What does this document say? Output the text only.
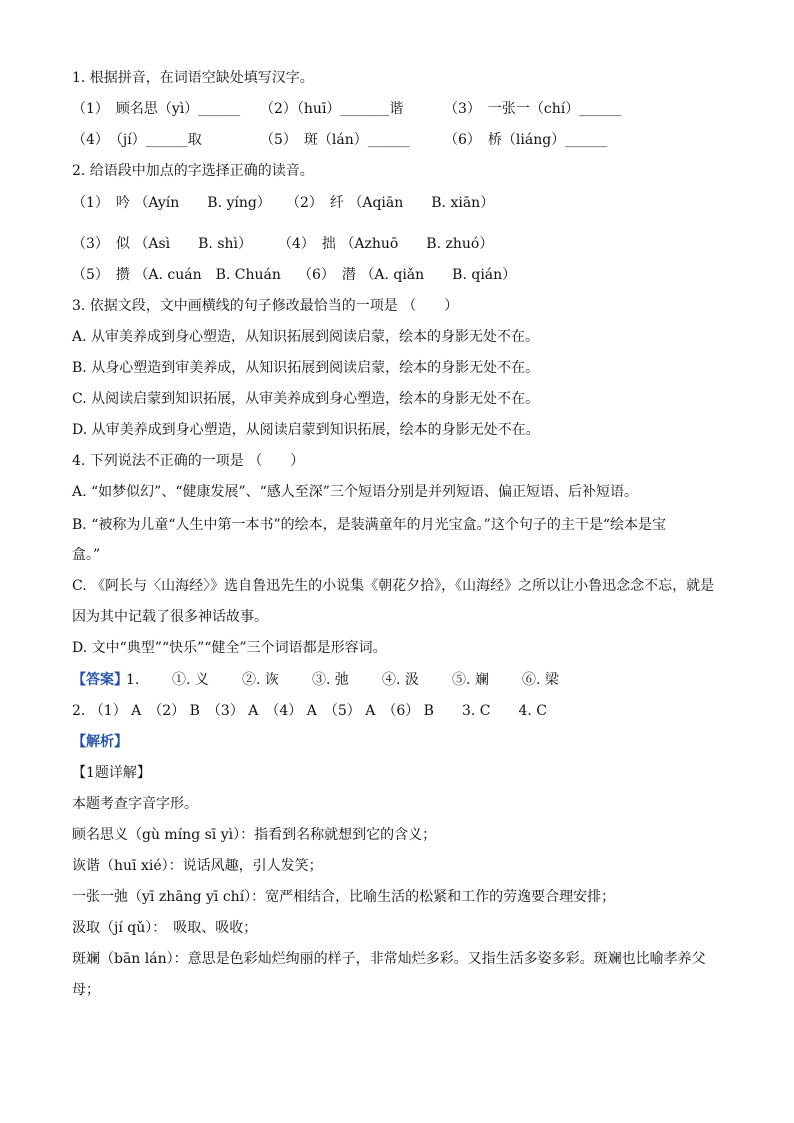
1. 根据拼音，在词语空缺处填写汉字。
（1）　顾名思（yì）______ （2）（huī）_______谐	（3）　一张一（chí）______
（4）　（jí）______取	（5）　斑（lán）______ （6）　桥（liáng）______
2. 给语段中加点的字选择正确的读音。
（1）　吟 （Ayín　　B. yíng） （2）　纤 （Aqiān　　B. xiān）
（3）　似 （Asì　　B. shì） （4）　拙 （Azhuō　　B. zhuó）
（5）　攒 （A. cuán　B. Chuán （6）　潜 （A. qiǎn　　B. qián）
3. 依据文段，文中画横线的句子修改最恰当的一项是 （　　）
A. 从审美养成到身心塑造，从知识拓展到阅读启蒙，绘本的身影无处不在。
B. 从身心塑造到审美养成，从知识拓展到阅读启蒙，绘本的身影无处不在。
C. 从阅读启蒙到知识拓展，从审美养成到身心塑造，绘本的身影无处不在。
D. 从审美养成到身心塑造，从阅读启蒙到知识拓展，绘本的身影无处不在。
4. 下列说法不正确的一项是 （　　）
A. “如梦似幻”、“健康发展”、“感人至深”三个短语分别是并列短语、偏正短语、后补短语。
B. “被称为儿童“人生中第一本书”的绘本，是装满童年的月光宝盒。”这个句子的主干是“绘本是宝
盒。”
C. 《阿长与〈山海经〉》选自鲁迅先生的小说集《朝花夕拾》，《山海经》之所以让小鲁迅念念不忘，就是
因为其中记载了很多神话故事。
D. 文中“典型”“快乐”“健全”三个词语都是形容词。
【答案】
1. ①. 义 ②. 诙 ③. 弛 ④. 汲 ⑤. 斓 ⑥. 梁
2. （1） A　（2） B　（3） A　（4） A　（5） A　（6） B　　3. C　　4. C
【解析】
【1题详解】
本题考查字音字形。
顾名思义（gù míng sī yì）：指看到名称就想到它的含义；
诙谐（huī xié）：说话风趣，引人发笑；
一张一弛（yī zhāng yī chí）：宽严相结合，比喻生活的松紧和工作的劳逸要合理安排；
汲取（jí qǔ）：　吸取、吸收；
斑斓（bān lán）：意思是色彩灿烂绚丽的样子，非常灿烂多彩。又指生活多姿多彩。斑斓也比喻孝养父
母；
